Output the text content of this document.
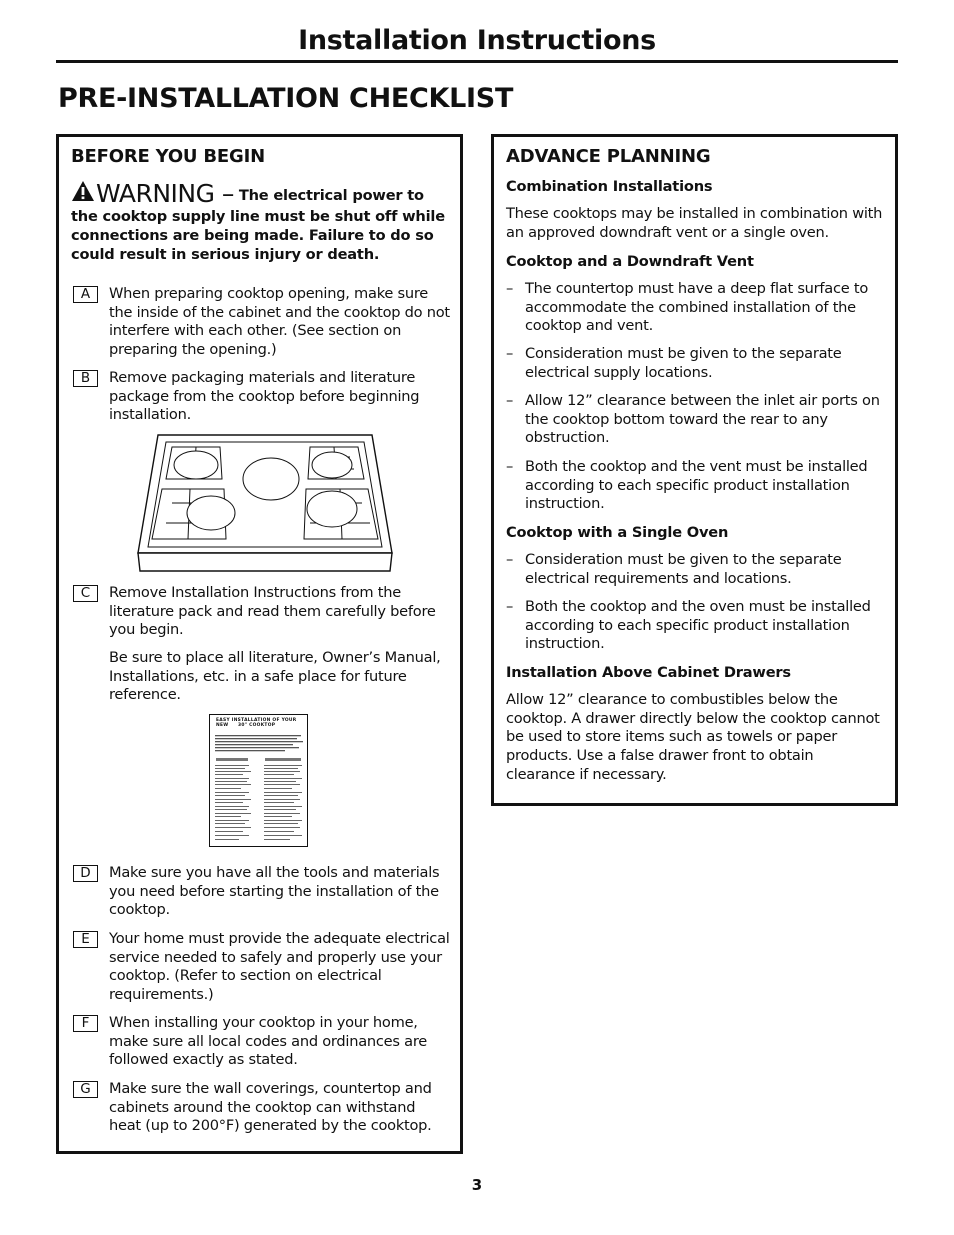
Installation Instructions
PRE-INSTALLATION CHECKLIST
BEFORE YOU BEGIN
WARNING – The electrical power to the cooktop supply line must be shut off while connections are being made. Failure to do so could result in serious injury or death.
A	When preparing cooktop opening, make sure the inside of the cabinet and the cooktop do not interfere with each other. (See section on preparing the opening.)
B	Remove packaging materials and literature package from the cooktop before beginning installation.
C	Remove Installation Instructions from the literature pack and read them carefully before you begin.
Be sure to place all literature, Owner’s Manual, Installations, etc. in a safe place for future reference.
EASY INSTALLATION OF YOUR NEW	30" COOKTOP
D	Make sure you have all the tools and materials you need before starting the installation of the cooktop.
E	Your home must provide the adequate electrical service needed to safely and properly use your cooktop. (Refer to section on electrical requirements.)
F	When installing your cooktop in your home, make sure all local codes and ordinances are followed exactly as stated.
G	Make sure the wall coverings, countertop and cabinets around the cooktop can withstand heat (up to 200°F) generated by the cooktop.
ADVANCE PLANNING
Combination Installations
These cooktops may be installed in combination with an approved downdraft vent or a single oven.
Cooktop and a Downdraft Vent
– The countertop must have a deep flat surface to accommodate the combined installation of the cooktop and vent.
– Consideration must be given to the separate electrical supply locations.
– Allow 12” clearance between the inlet air ports on the cooktop bottom toward the rear to any obstruction.
– Both the cooktop and the vent must be installed according to each specific product installation instruction.
Cooktop with a Single Oven
– Consideration must be given to the separate electrical requirements and locations.
– Both the cooktop and the oven must be installed according to each specific product installation instruction.
Installation Above Cabinet Drawers
Allow 12” clearance to combustibles below the cooktop. A drawer directly below the cooktop cannot be used to store items such as towels or paper products. Use a false drawer front to obtain clearance if necessary.
3
